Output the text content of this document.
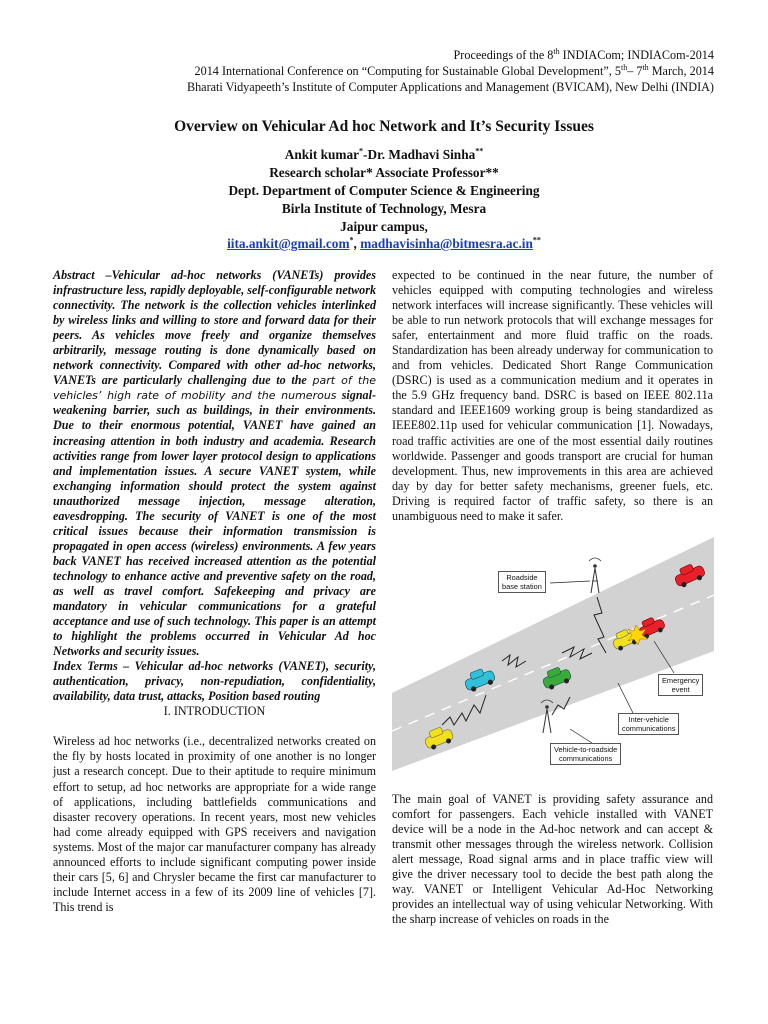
Proceedings of the 8th INDIACom; INDIACom-2014
2014 International Conference on “Computing for Sustainable Global Development”, 5th– 7th March, 2014
Bharati Vidyapeeth’s Institute of Computer Applications and Management (BVICAM), New Delhi (INDIA)
Overview on Vehicular Ad hoc Network and It’s Security Issues
Ankit kumar*-Dr. Madhavi Sinha**
Research scholar* Associate Professor**
Dept. Department of Computer Science & Engineering
Birla Institute of Technology, Mesra
Jaipur campus,
iita.ankit@gmail.com*, madhavisinha@bitmesra.ac.in**

Abstract –Vehicular ad-hoc networks (VANETs) provides infrastructure less, rapidly deployable, self-configurable network connectivity. The network is the collection vehicles interlinked by wireless links and willing to store and forward data for their peers. As vehicles move freely and organize themselves arbitrarily, message routing is done dynamically based on network connectivity. Compared with other ad-hoc networks, VANETs are particularly challenging due to the part of the vehicles’ high rate of mobility and the numerous signal-weakening barrier, such as buildings, in their environments. Due to their enormous potential, VANET have gained an increasing attention in both industry and academia. Research activities range from lower layer protocol design to applications and implementation issues. A secure VANET system, while exchanging information should protect the system against unauthorized message injection, message alteration, eavesdropping. The security of VANET is one of the most critical issues because their information transmission is propagated in open access (wireless) environments. A few years back VANET has received increased attention as the potential technology to enhance active and preventive safety on the road, as well as travel comfort. Safekeeping and privacy are mandatory in vehicular communications for a grateful acceptance and use of such technology. This paper is an attempt to highlight the problems occurred in Vehicular Ad hoc Networks and security issues.

Index Terms – Vehicular ad-hoc networks (VANET), security, authentication, privacy, non-repudiation, confidentiality, availability, data trust, attacks, Position based routing

I. INTRODUCTION

Wireless ad hoc networks (i.e., decentralized networks created on the fly by hosts located in proximity of one another is no longer just a research concept. Due to their aptitude to require minimum effort to setup, ad hoc networks are appropriate for a wide range of applications, including battlefields communications and disaster recovery operations. In recent years, most new vehicles had come already equipped with GPS receivers and navigation systems. Most of the major car manufacturer company has already announced efforts to include significant computing power inside their cars [5, 6] and Chrysler became the first car manufacturer to include Internet access in a few of its 2009 line of vehicles [7]. This trend is

expected to be continued in the near future, the number of vehicles equipped with computing technologies and wireless network interfaces will increase significantly. These vehicles will be able to run network protocols that will exchange messages for safer, entertainment and more fluid traffic on the roads. Standardization has been already underway for communication to and from vehicles. Dedicated Short Range Communication (DSRC) is used as a communication medium and it operates in the 5.9 GHz frequency band. DSRC is based on IEEE 802.11a standard and IEEE1609 working group is being standardized as IEEE802.11p used for vehicular communication [1]. Nowadays, road traffic activities are one of the most essential daily routines worldwide. Passenger and goods transport are crucial for human development. Thus, new improvements in this area are achieved day by day for better safety mechanisms, greener fuels, etc. Driving is required factor of traffic safety, so there is an unambiguous need to make it safer.

Roadside
base station
Emergency
event
Inter-vehicle
communications
Vehicle-to-roadside
communications

The main goal of VANET is providing safety assurance and comfort for passengers. Each vehicle installed with VANET device will be a node in the Ad-hoc network and can accept & transmit other messages through the wireless network. Collision alert message, Road signal arms and in place traffic view will give the driver necessary tool to decide the best path along the way. VANET or Intelligent Vehicular Ad-Hoc Networking provides an intellectual way of using vehicular Networking. With the sharp increase of vehicles on roads in the
